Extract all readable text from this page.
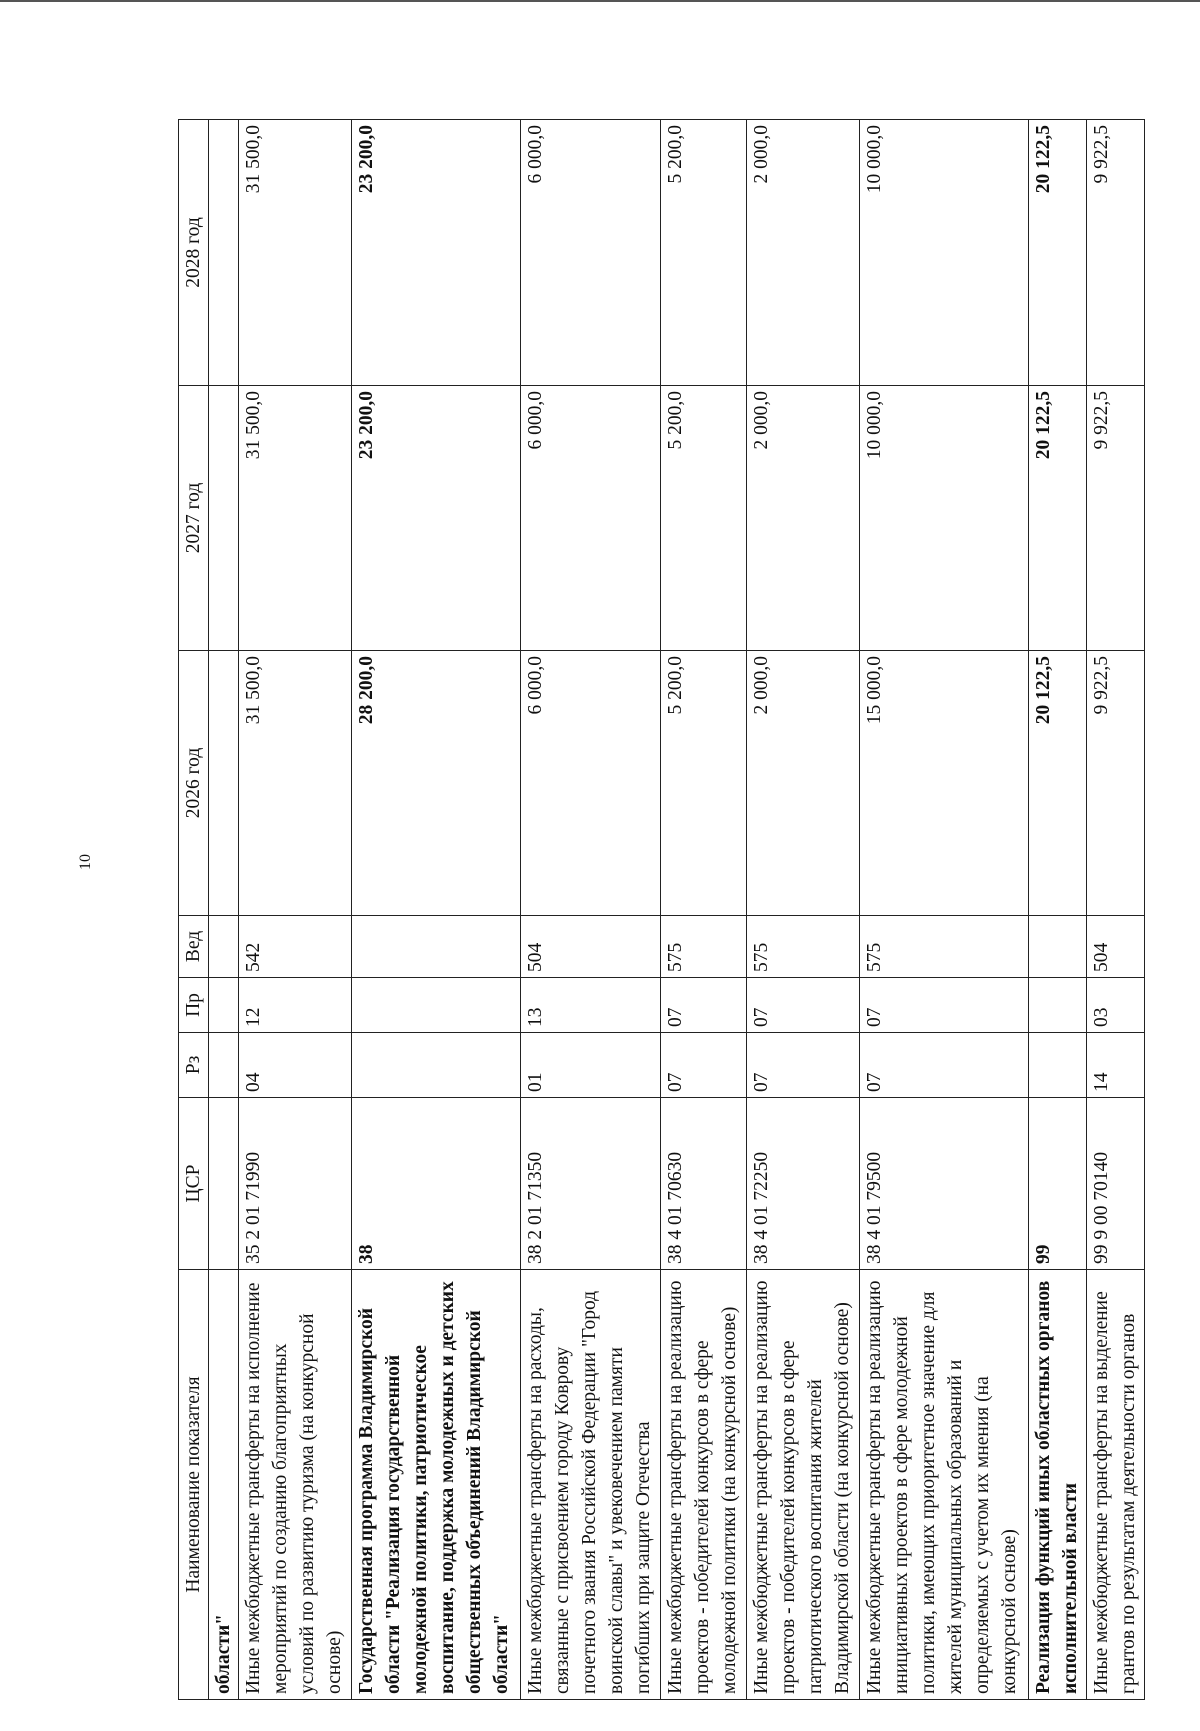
10
Наименование показателя	ЦСР	Рз	Пр	Вед	2026 год	2027 год	2028 год
области"							
Иные межбюджетные трансферты на исполнение мероприятий по созданию благоприятных условий по развитию туризма (на конкурсной основе)	35 2 01 71990	04	12	542	31 500,0	31 500,0	31 500,0
Государственная программа Владимирской области "Реализация государственной молодежной политики, патриотическое воспитание, поддержка молодежных и детских общественных объединений Владимирской области"	38				28 200,0	23 200,0	23 200,0
Иные межбюджетные трансферты на расходы, связанные с присвоением городу Коврову почетного звания Российской Федерации "Город воинской славы" и увековечением памяти погибших при защите Отечества	38 2 01 71350	01	13	504	6 000,0	6 000,0	6 000,0
Иные межбюджетные трансферты на реализацию проектов - победителей конкурсов в сфере молодежной политики (на конкурсной основе)	38 4 01 70630	07	07	575	5 200,0	5 200,0	5 200,0
Иные межбюджетные трансферты на реализацию проектов - победителей конкурсов в сфере патриотического воспитания жителей Владимирской области (на конкурсной основе)	38 4 01 72250	07	07	575	2 000,0	2 000,0	2 000,0
Иные межбюджетные трансферты на реализацию инициативных проектов в сфере молодежной политики, имеющих приоритетное значение для жителей муниципальных образований и определяемых с учетом их мнения (на конкурсной основе)	38 4 01 79500	07	07	575	15 000,0	10 000,0	10 000,0
Реализация функций иных областных органов исполнительной власти	99				20 122,5	20 122,5	20 122,5
Иные межбюджетные трансферты на выделение грантов по результатам деятельности органов	99 9 00 70140	14	03	504	9 922,5	9 922,5	9 922,5
